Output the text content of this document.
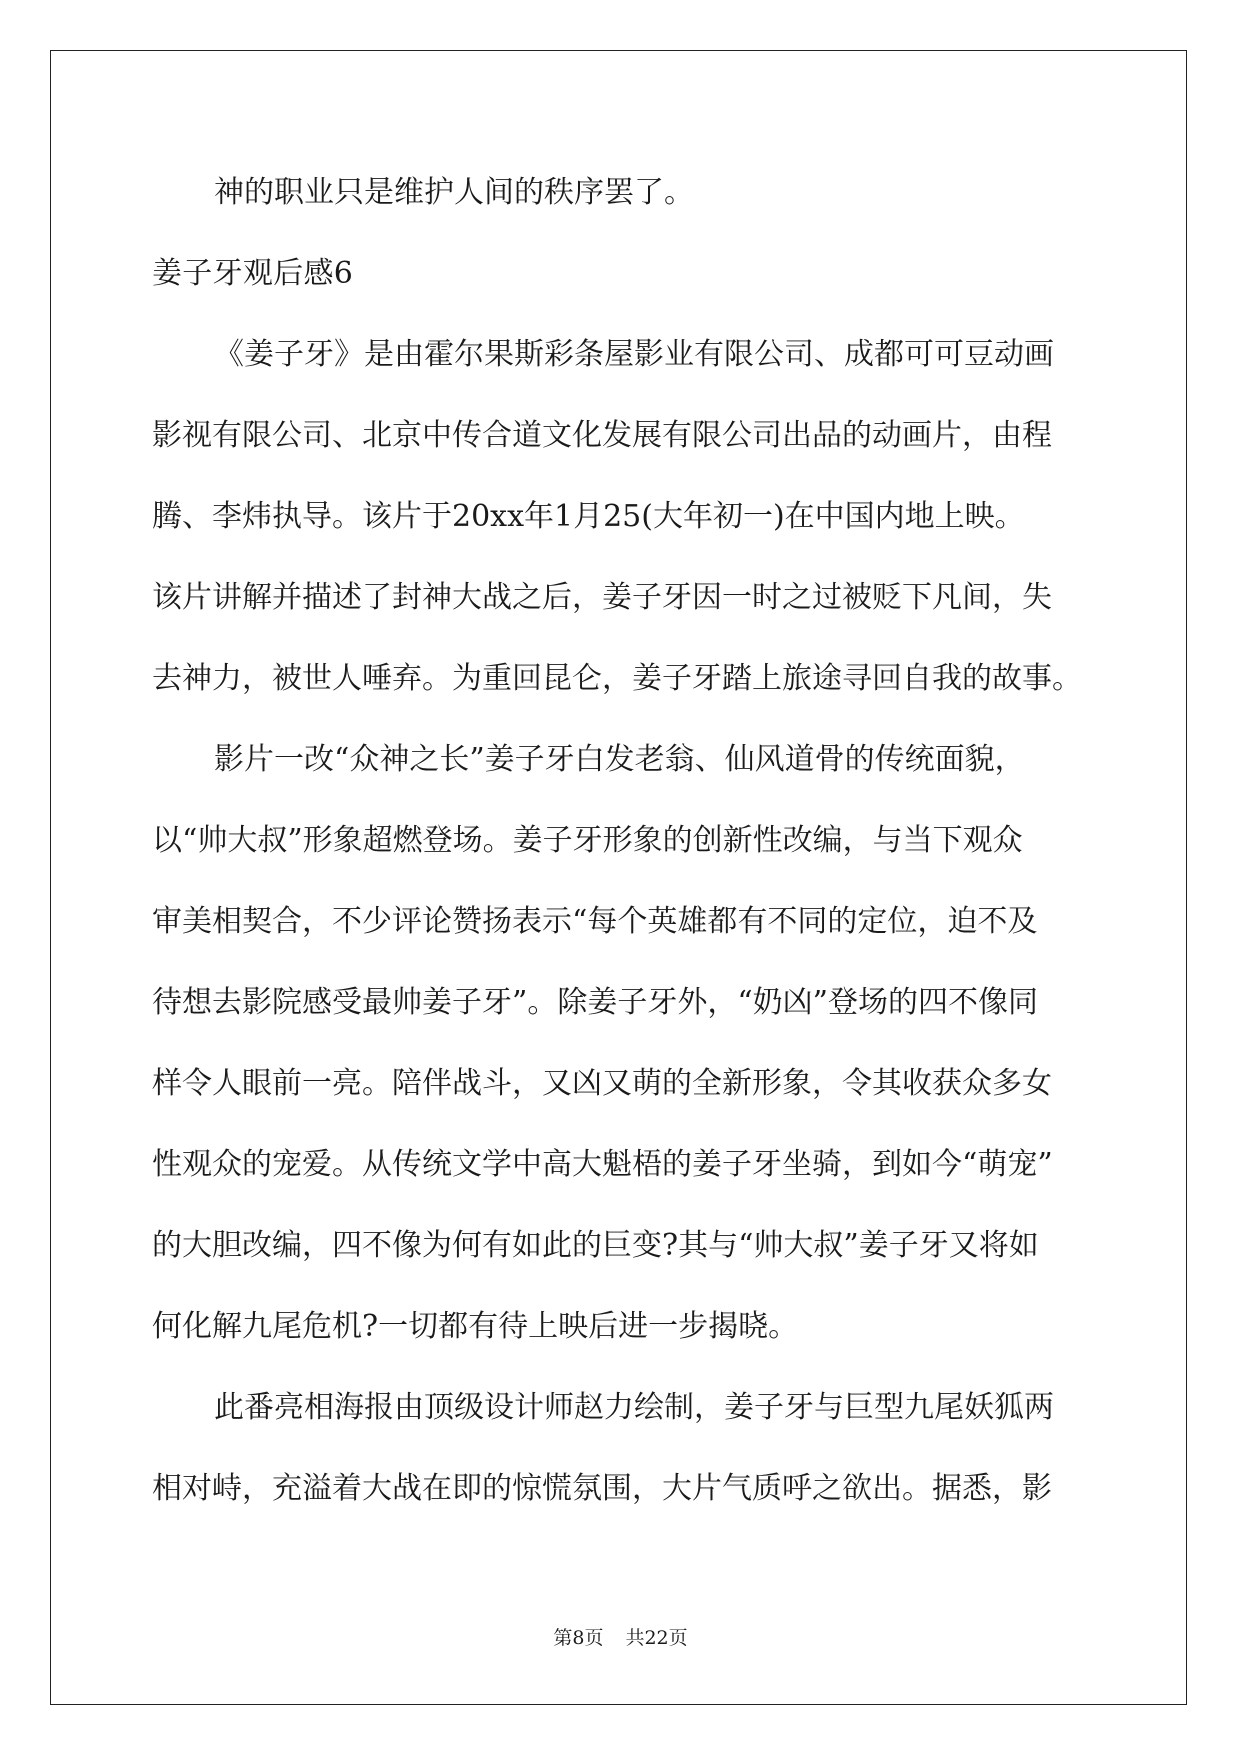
神的职业只是维护人间的秩序罢了。
姜子牙观后感6
《姜子牙》是由霍尔果斯彩条屋影业有限公司、成都可可豆动画
影视有限公司、北京中传合道文化发展有限公司出品的动画片，由程
腾、李炜执导。该片于20xx年1月25(大年初一)在中国内地上映。
该片讲解并描述了封神大战之后，姜子牙因一时之过被贬下凡间，失
去神力，被世人唾弃。为重回昆仑，姜子牙踏上旅途寻回自我的故事。
影片一改“众神之长”姜子牙白发老翁、仙风道骨的传统面貌，
以“帅大叔”形象超燃登场。姜子牙形象的创新性改编，与当下观众
审美相契合，不少评论赞扬表示“每个英雄都有不同的定位，迫不及
待想去影院感受最帅姜子牙”。除姜子牙外，“奶凶”登场的四不像同
样令人眼前一亮。陪伴战斗，又凶又萌的全新形象，令其收获众多女
性观众的宠爱。从传统文学中高大魁梧的姜子牙坐骑，到如今“萌宠”
的大胆改编，四不像为何有如此的巨变?其与“帅大叔”姜子牙又将如
何化解九尾危机?一切都有待上映后进一步揭晓。
此番亮相海报由顶级设计师赵力绘制，姜子牙与巨型九尾妖狐两
相对峙，充溢着大战在即的惊慌氛围，大片气质呼之欲出。据悉，影
第8页 共22页
